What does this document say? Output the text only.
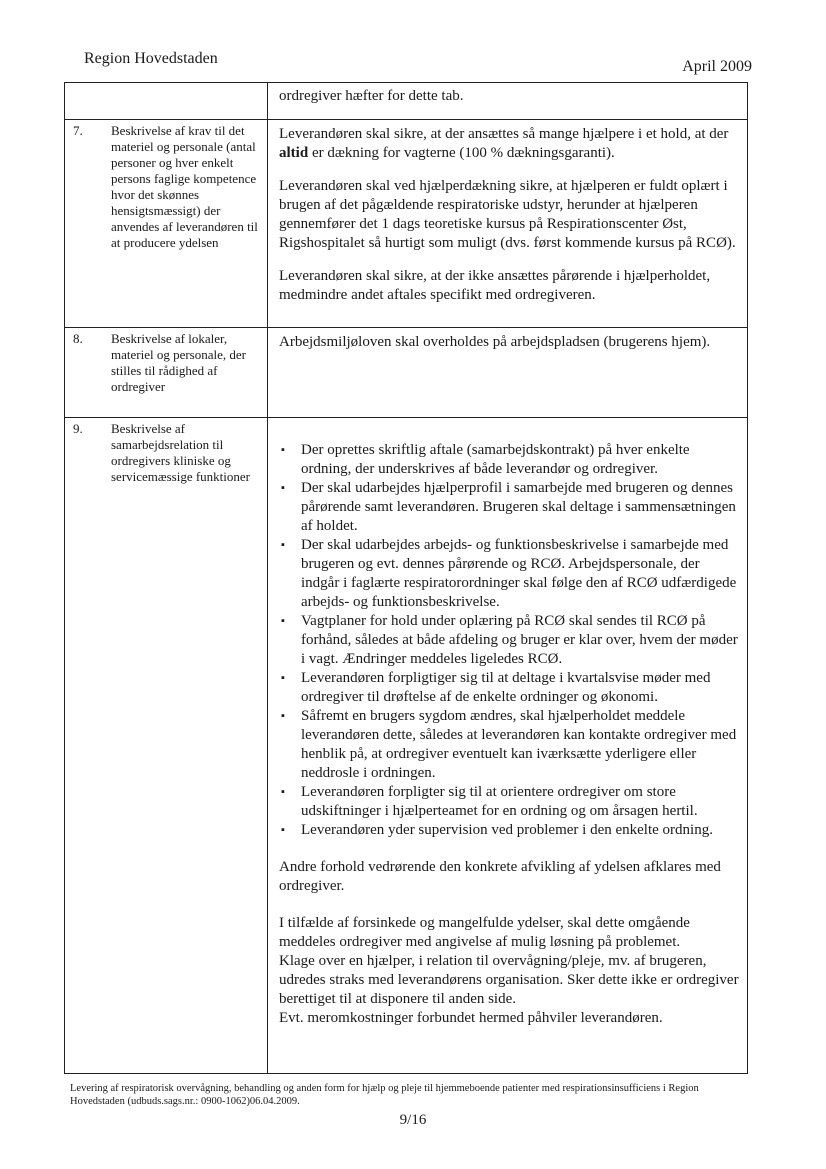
Region Hovedstaden	April 2009
ordregiver hæfter for dette tab.
7. Beskrivelse af krav til det materiel og personale (antal personer og hver enkelt persons faglige kompetence hvor det skønnes hensigtsmæssigt) der anvendes af leverandøren til at producere ydelsen

Leverandøren skal sikre, at der ansættes så mange hjælpere i et hold, at der altid er dækning for vagterne (100 % dækningsgaranti).

Leverandøren skal ved hjælperdækning sikre, at hjælperen er fuldt oplært i brugen af det pågældende respiratoriske udstyr, herunder at hjælperen gennemfører det 1 dags teoretiske kursus på Respirationscenter Øst, Rigshospitalet så hurtigt som muligt (dvs. først kommende kursus på RCØ).

Leverandøren skal sikre, at der ikke ansættes pårørende i hjælperholdet, medmindre andet aftales specifikt med ordregiveren.

8. Beskrivelse af lokaler, materiel og personale, der stilles til rådighed af ordregiver
Arbejdsmiljøloven skal overholdes på arbejdspladsen (brugerens hjem).
9. Beskrivelse af samarbejdsrelation til ordregivers kliniske og servicemæssige funktioner
▪ Der oprettes skriftlig aftale (samarbejdskontrakt) på hver enkelte ordning, der underskrives af både leverandør og ordregiver.
▪ Der skal udarbejdes hjælperprofil i samarbejde med brugeren og dennes pårørende samt leverandøren. Brugeren skal deltage i sammensætningen af holdet.
▪ Der skal udarbejdes arbejds- og funktionsbeskrivelse i samarbejde med brugeren og evt. dennes pårørende og RCØ. Arbejdspersonale, der indgår i faglærte respiratorordninger skal følge den af RCØ udfærdigede arbejds- og funktionsbeskrivelse.
▪ Vagtplaner for hold under oplæring på RCØ skal sendes til RCØ på forhånd, således at både afdeling og bruger er klar over, hvem der møder i vagt. Ændringer meddeles ligeledes RCØ.
▪ Leverandøren forpligtiger sig til at deltage i kvartalsvise møder med ordregiver til drøftelse af de enkelte ordninger og økonomi.
▪ Såfremt en brugers sygdom ændres, skal hjælperholdet meddele leverandøren dette, således at leverandøren kan kontakte ordregiver med henblik på, at ordregiver eventuelt kan iværksætte yderligere eller neddrosle i ordningen.
▪ Leverandøren forpligter sig til at orientere ordregiver om store udskiftninger i hjælperteamet for en ordning og om årsagen hertil.
▪ Leverandøren yder supervision ved problemer i den enkelte ordning.

Andre forhold vedrørende den konkrete afvikling af ydelsen afklares med ordregiver.

I tilfælde af forsinkede og mangelfulde ydelser, skal dette omgående meddeles ordregiver med angivelse af mulig løsning på problemet.
Klage over en hjælper, i relation til overvågning/pleje, mv. af brugeren, udredes straks med leverandørens organisation. Sker dette ikke er ordregiver berettiget til at disponere til anden side.
Evt. meromkostninger forbundet hermed påhviler leverandøren.
Levering af respiratorisk overvågning, behandling og anden form for hjælp og pleje til hjemmeboende patienter med respirationsinsufficiens i Region Hovedstaden (udbuds.sags.nr.: 0900-1062)06.04.2009.
9/16
